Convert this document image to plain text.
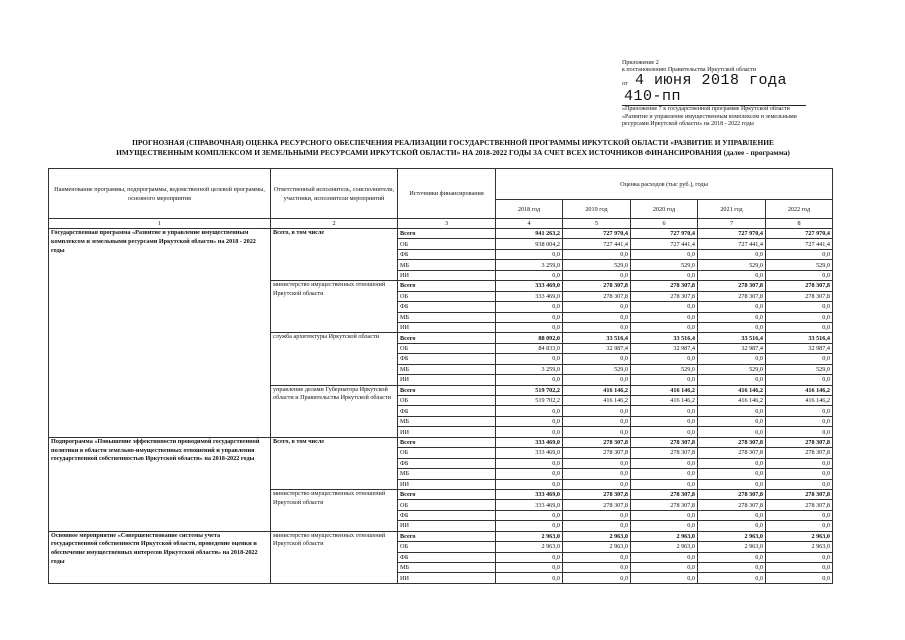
Приложение 2
к постановлению Правительства Иркутской области
от 4 июня 2018 года
410-пп
«Приложение 7 к государственной программе Иркутской области
«Развитие и управление имущественным комплексом и земельными
ресурсами Иркутской области» на 2018 - 2022 годы
ПРОГНОЗНАЯ (СПРАВОЧНАЯ) ОЦЕНКА РЕСУРСНОГО ОБЕСПЕЧЕНИЯ РЕАЛИЗАЦИИ ГОСУДАРСТВЕННОЙ ПРОГРАММЫ ИРКУТСКОЙ ОБЛАСТИ «РАЗВИТИЕ И УПРАВЛЕНИЕ
ИМУЩЕСТВЕННЫМ КОМПЛЕКСОМ И ЗЕМЕЛЬНЫМИ РЕСУРСАМИ ИРКУТСКОЙ ОБЛАСТИ» НА 2018-2022 ГОДЫ ЗА СЧЕТ ВСЕХ ИСТОЧНИКОВ ФИНАНСИРОВАНИЯ (далее - программа)
Наименование программы, подпрограммы, ведомственной целевой программы, основного мероприятия	Ответственный исполнитель, соисполнители, участники, исполнители мероприятий	Источники финансирования	Оценка расходов (тыс руб.), годы				
			2018 год	2019 год	2020 год	2021 год	2022 год
1	2	3	4	5	6	7	8
Государственная программа «Развитие и управление имущественным комплексом и земельными ресурсами Иркутской области» на 2018 - 2022 годы	Всего, в том числе	Всего	941 263,2	727 970,4	727 970,4	727 970,4	727 970,4
		ОБ	938 004,2	727 441,4	727 441,4	727 441,4	727 441,4
		ФБ	0,0	0,0	0,0	0,0	0,0
		МБ	3 259,0	529,0	529,0	529,0	529,0
		ИИ	0,0	0,0	0,0	0,0	0,0
	министерство имущественных отношений Иркутской области	Всего	333 469,0	278 307,8	278 307,8	278 307,8	278 307,8
		ОБ	333 469,0	278 307,8	278 307,8	278 307,8	278 307,8
		ФБ	0,0	0,0	0,0	0,0	0,0
		МБ	0,0	0,0	0,0	0,0	0,0
		ИИ	0,0	0,0	0,0	0,0	0,0
	служба архитектуры Иркутской области	Всего	88 092,0	33 516,4	33 516,4	33 516,4	33 516,4
		ОБ	84 833,0	32 987,4	32 987,4	32 987,4	32 987,4
		ФБ	0,0	0,0	0,0	0,0	0,0
		МБ	3 259,0	529,0	529,0	529,0	529,0
		ИИ	0,0	0,0	0,0	0,0	0,0
	управление делами Губернатора Иркутской области и Правительства Иркутской области	Всего	519 702,2	416 146,2	416 146,2	416 146,2	416 146,2
		ОБ	519 702,2	416 146,2	416 146,2	416 146,2	416 146,2
		ФБ	0,0	0,0	0,0	0,0	0,0
		МБ	0,0	0,0	0,0	0,0	0,0
		ИИ	0,0	0,0	0,0	0,0	0,0
Подпрограмма «Повышение эффективности проводимой государственной политики в области земельно-имущественных отношений и управления государственной собственностью Иркутской области» на 2018-2022 годы	Всего, в том числе	Всего	333 469,0	278 307,8	278 307,8	278 307,8	278 307,8
		ОБ	333 469,0	278 307,8	278 307,8	278 307,8	278 307,8
		ФБ	0,0	0,0	0,0	0,0	0,0
		МБ	0,0	0,0	0,0	0,0	0,0
		ИИ	0,0	0,0	0,0	0,0	0,0
	министерство имущественных отношений Иркутской области	Всего	333 469,0	278 307,8	278 307,8	278 307,8	278 307,8
		ОБ	333 469,0	278 307,8	278 307,8	278 307,8	278 307,8
		ФБ	0,0	0,0	0,0	0,0	0,0
		ИИ	0,0	0,0	0,0	0,0	0,0
Основное мероприятие «Совершенствование системы учета государственной собственности Иркутской области, проведение оценки и обеспечение имущественных интересов Иркутской области» на 2018-2022 годы	министерство имущественных отношений Иркутской области	Всего	2 963,0	2 963,0	2 963,0	2 963,0	2 963,0
		ОБ	2 963,0	2 963,0	2 963,0	2 963,0	2 963,0
		ФБ	0,0	0,0	0,0	0,0	0,0
		МБ	0,0	0,0	0,0	0,0	0,0
		ИИ	0,0	0,0	0,0	0,0	0,0
